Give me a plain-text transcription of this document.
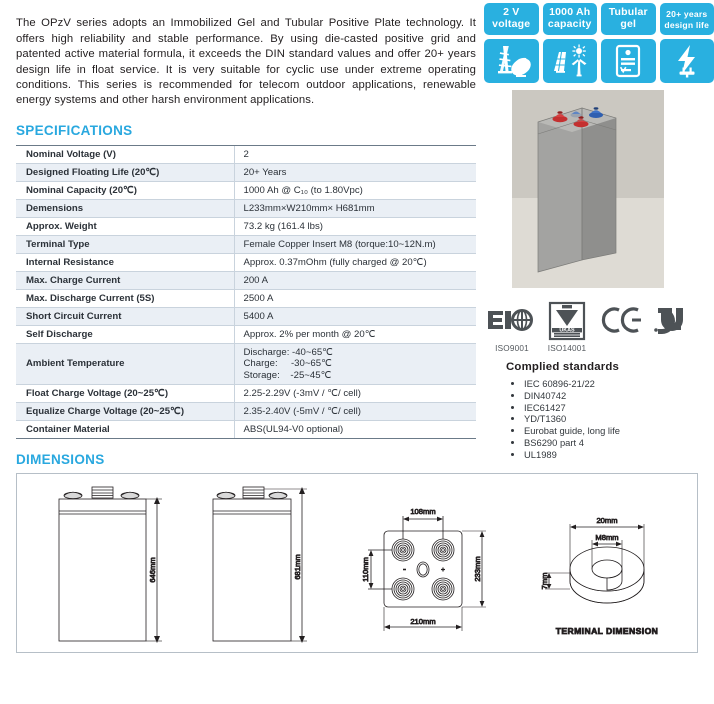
The OPzV series adopts an Immobilized Gel and Tubular Positive Plate technology. It offers high reliability and stable performance. By using die-casted positive grid and patented active material formula, it exceeds the DIN standard values and offer 20+ years design life in float service. It is very suitable for cyclic use under extreme operating conditions. This series is recommended for telecom outdoor applications, renewable energy systems and other harsh environment applications.

SPECIFICATIONS
Nominal Voltage (V)	2
Designed Floating Life (20℃)	20+ Years
Nominal Capacity (20℃)	1000 Ah @ C₁₀ (to 1.80Vpc)
Demensions	L233mm×W210mm× H681mm
Approx. Weight	73.2 kg (161.4 lbs)
Terminal Type	Female Copper Insert M8 (torque:10~12N.m)
Internal Resistance	Approx. 0.37mOhm (fully charged @ 20℃)
Max. Charge Current	200 A
Max. Discharge Current (5S)	2500 A
Short Circuit Current	5400 A
Self Discharge	Approx. 2% per month @ 20℃
Ambient Temperature	Discharge: -40~65℃
Charge:     -30~65℃
Storage:    -25~45℃

Float Charge Voltage (20~25℃)	2.25-2.29V (-3mV / ℃/ cell)
Equalize Charge Voltage (20~25℃)	2.35-2.40V (-5mV / ℃/ cell)
Container Material	ABS(UL94-V0 optional)
DIMENSIONS
646mm	681mm
108mm
110mm	233mm
210mm
20mm
M8mm
7mm
TERMINAL DIMENSION
2 V
voltage
1000 Ah
capacity
Tubular
gel
20+ years
design life
UKAS
ISO9001 ISO14001
Complied standards
• IEC 60896-21/22
• DIN40742
• IEC61427
• YD/T1360
• Eurobat guide, long life
• BS6290 part 4
• UL1989
